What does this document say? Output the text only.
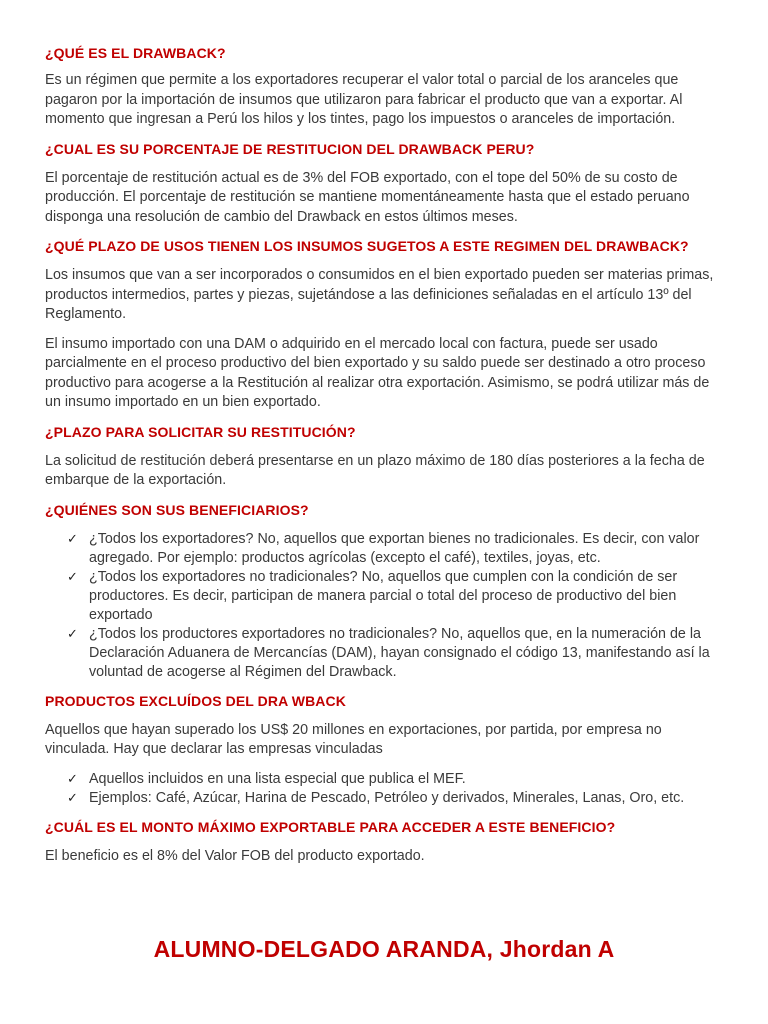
¿QUÉ ES EL DRAWBACK?

Es un régimen que permite a los exportadores recuperar el valor total o parcial de los aranceles que pagaron por la importación de insumos que utilizaron para fabricar el producto que van a exportar. Al momento que ingresan a Perú los hilos y los tintes, pago los impuestos o aranceles de importación.

¿CUAL ES SU PORCENTAJE DE RESTITUCION DEL DRAWBACK PERU?

El porcentaje de restitución actual es de 3% del FOB exportado, con el tope del 50% de su costo de producción. El porcentaje de restitución se mantiene momentáneamente hasta que el estado peruano disponga una resolución de cambio del Drawback en estos últimos meses.

¿QUÉ PLAZO DE USOS TIENEN LOS INSUMOS SUGETOS A ESTE REGIMEN DEL DRAWBACK?

Los insumos que van a ser incorporados o consumidos en el bien exportado pueden ser materias primas, productos intermedios, partes y piezas, sujetándose a las definiciones señaladas en el artículo 13º del Reglamento.

El insumo importado con una DAM o adquirido en el mercado local con factura, puede ser usado parcialmente en el proceso productivo del bien exportado y su saldo puede ser destinado a otro proceso productivo para acogerse a la Restitución al realizar otra exportación. Asimismo, se podrá utilizar más de un insumo importado en un bien exportado.

¿PLAZO PARA SOLICITAR SU RESTITUCIÓN?

La solicitud de restitución deberá presentarse en un plazo máximo de 180 días posteriores a la fecha de embarque de la exportación.

¿QUIÉNES SON SUS BENEFICIARIOS?
✓ ¿Todos los exportadores? No, aquellos que exportan bienes no tradicionales. Es decir, con valor agregado. Por ejemplo: productos agrícolas (excepto el café), textiles, joyas, etc.
✓ ¿Todos los exportadores no tradicionales? No, aquellos que cumplen con la condición de ser productores. Es decir, participan de manera parcial o total del proceso de productivo del bien exportado
✓ ¿Todos los productores exportadores no tradicionales? No, aquellos que, en la numeración de la Declaración Aduanera de Mercancías (DAM), hayan consignado el código 13, manifestando así la voluntad de acogerse al Régimen del Drawback.
PRODUCTOS EXCLUÍDOS DEL DRA WBACK

Aquellos que hayan superado los US$ 20 millones en exportaciones, por partida, por empresa no vinculada. Hay que declarar las empresas vinculadas

✓ Aquellos incluidos en una lista especial que publica el MEF.
✓ Ejemplos: Café, Azúcar, Harina de Pescado, Petróleo y derivados, Minerales, Lanas, Oro, etc.
¿CUÁL ES EL MONTO MÁXIMO EXPORTABLE PARA ACCEDER A ESTE BENEFICIO?

El beneficio es el 8% del Valor FOB del producto exportado.

ALUMNO-DELGADO ARANDA, Jhordan A
